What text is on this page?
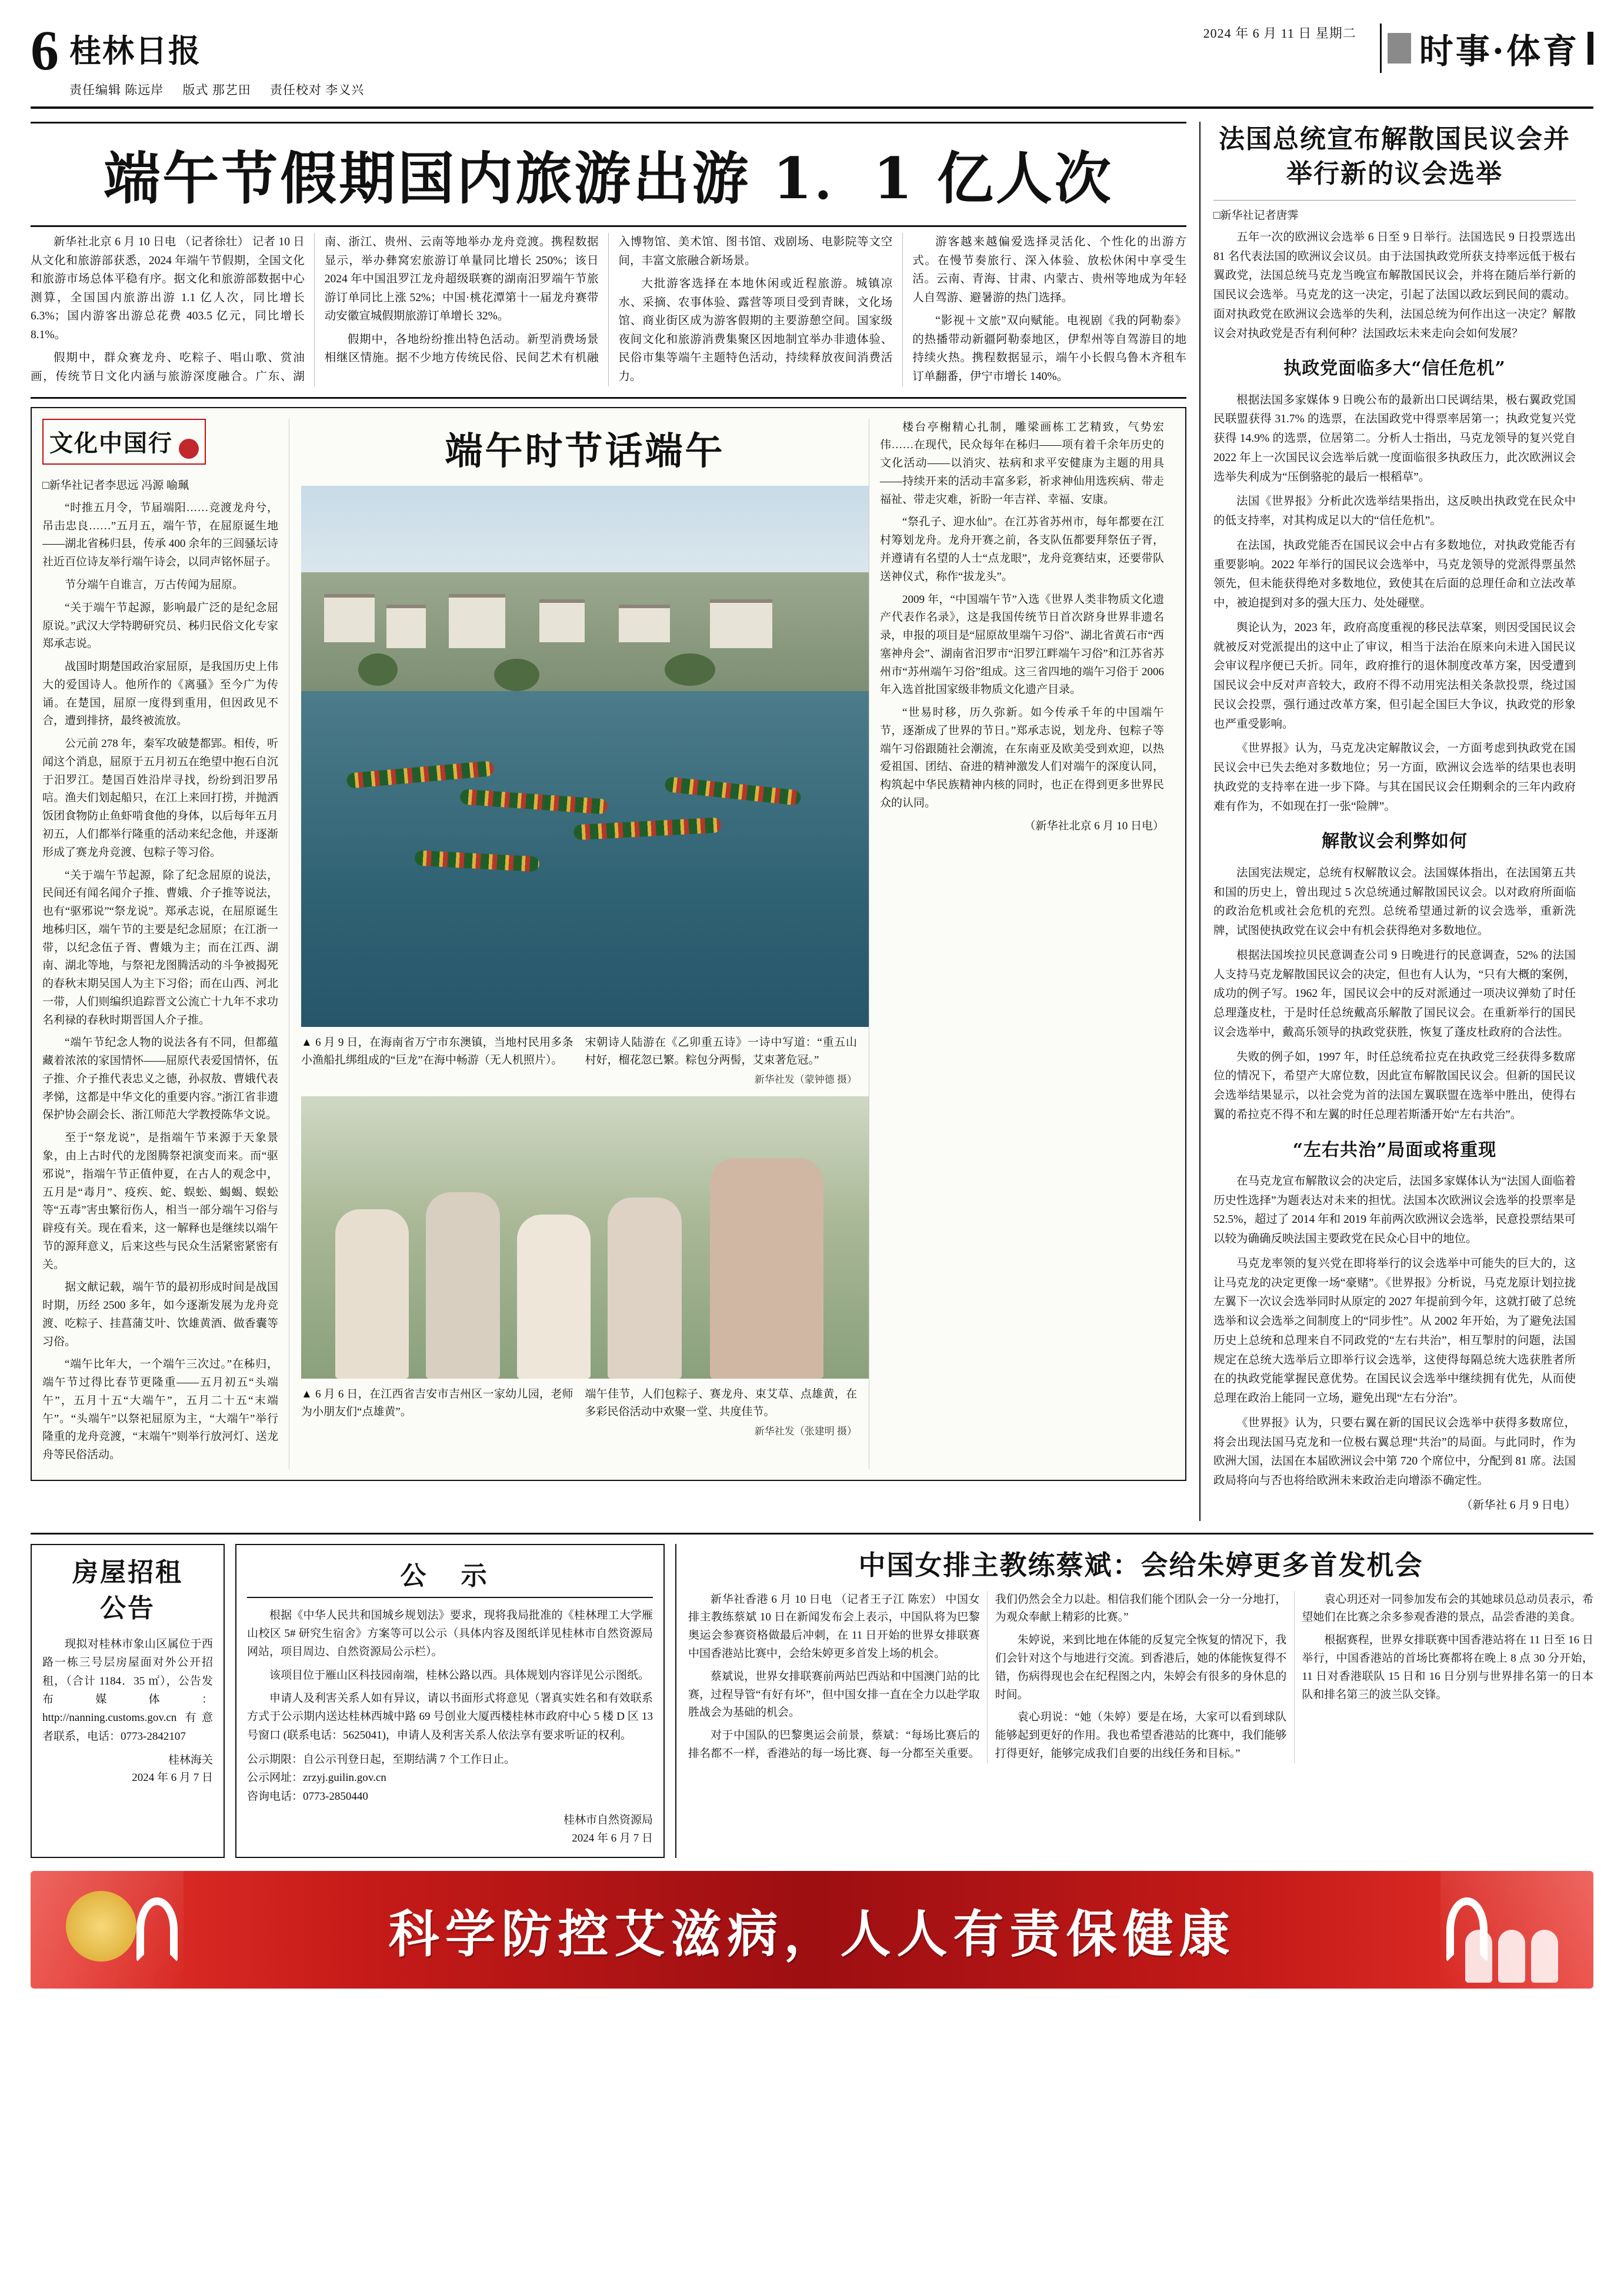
6 桂林日报
责任编辑 陈远岸 版式 那艺田 责任校对 李义兴
2024 年 6 月 11 日 星期二 时事·体育
端午节假期国内旅游出游 1．1 亿人次

新华社北京 6 月 10 日电 （记者徐壮） 记者 10 日从文化和旅游部获悉，2024 年端午节假期，全国文化和旅游市场总体平稳有序。据文化和旅游部数据中心测算，全国国内旅游出游 1.1 亿人次，同比增长 6.3%；国内游客出游总花费 403.5 亿元，同比增长 8.1%。

假期中，群众赛龙舟、吃粽子、唱山歌、赏油画，传统节日文化内涵与旅游深度融合。广东、湖南、浙江、贵州、云南等地举办龙舟竞渡。携程数据显示，举办彝窝宏旅游订单量同比增长 250%；该日 2024 年中国沮罗江龙舟超级联赛的湖南汨罗端午节旅游订单同比上涨 52%；中国·桃花潭第十一届龙舟赛带动安徽宣城假期旅游订单增长 32%。

假期中，各地纷纷推出特色活动。新型消费场景相继区情施。据不少地方传统民俗、民间艺术有机融入博物馆、美术馆、图书馆、戏剧场、电影院等文空间，丰富文旅融合新场景。

大批游客选择在本地休闲或近程旅游。城镇凉水、采摘、农事体验、露营等项目受到青睐，文化场馆、商业街区成为游客假期的主要游憩空间。国家级夜间文化和旅游消费集聚区因地制宜举办非遗体验、民俗市集等端午主题特色活动，持续释放夜间消费活力。

游客越来越偏爱选择灵活化、个性化的出游方式。在慢节奏旅行、深入体验、放松休闲中享受生活。云南、青海、甘肃、内蒙古、贵州等地成为年轻人自驾游、避暑游的热门选择。

“影视＋文旅”双向赋能。电视剧《我的阿勒泰》的热播带动新疆阿勒泰地区，伊犁州等自驾游目的地持续火热。携程数据显示，端午小长假乌鲁木齐租车订单翻番，伊宁市增长 140%。

文化中国行
□新华社记者李思远 冯源 喻珮

“时推五月令，节届端阳……竞渡龙舟兮，吊击忠良……”五月五，端午节，在屈原诞生地——湖北省秭归县，传承 400 余年的三闾骚坛诗社近百位诗友举行端午诗会，以同声铭怀屈子。

节分端午自谁言，万古传闻为屈原。

“关于端午节起源，影响最广泛的是纪念屈原说。”武汉大学特聘研究员、秭归民俗文化专家郑承志说。

战国时期楚国政治家屈原，是我国历史上伟大的爱国诗人。他所作的《离骚》至今广为传诵。在楚国，屈原一度得到重用，但因政见不合，遭到排挤，最终被流放。

公元前 278 年，秦军攻破楚都郢。相传，听闻这个消息，屈原于五月初五在绝望中抱石自沉于汨罗江。楚国百姓沿岸寻找，纷纷到汨罗吊唁。渔夫们划起船只，在江上来回打捞，并抛洒饭团食物防止鱼虾啃食他的身体，以后每年五月初五，人们都举行隆重的活动来纪念他，并逐渐形成了赛龙舟竞渡、包粽子等习俗。

“关于端午节起源，除了纪念屈原的说法，民间还有闻名闻介子推、曹娥、介子推等说法，也有“驱邪说”“祭龙说”。郑承志说，在屈原诞生地秭归区，端午节的主要是纪念屈原；在江浙一带，以纪念伍子胥、曹娥为主；而在江西、湖南、湖北等地，与祭祀龙图腾活动的斗争被揭死的春秋末期吴国人为主下习俗；而在山西、河北一带，人们则编织追踪晋文公流亡十九年不求功名利禄的春秋时期晋国人介子推。

“端午节纪念人物的说法各有不同，但都蕴藏着浓浓的家国情怀——屈原代表爱国情怀，伍子推、介子推代表忠义之德，孙叔敖、曹娥代表孝悌，这都是中华文化的重要内容。”浙江省非遗保护协会副会长、浙江师范大学教授陈华文说。

至于“祭龙说”，是指端午节来源于天象景象，由上古时代的龙图腾祭祀演变而来。而“驱邪说”，指端午节正值仲夏，在古人的观念中，五月是“毒月”、疫疾、蛇、蜈蚣、蝎蝎、蜈蚣等“五毒”害虫繁衍伤人，相当一部分端午习俗与辟疫有关。现在看来，这一解释也是继续以端午节的源拜意义，后来这些与民众生活紧密紧密有关。

据文献记载，端午节的最初形成时间是战国时期，历经 2500 多年，如今逐渐发展为龙舟竞渡、吃粽子、挂菖蒲艾叶、饮雄黄酒、做香囊等习俗。

“端午比年大，一个端午三次过。”在秭归，端午节过得比春节更隆重——五月初五“头端午”，五月十五“大端午”，五月二十五“末端午”。“头端午”以祭祀屈原为主，“大端午”举行隆重的龙舟竞渡，“末端午”则举行放河灯、送龙舟等民俗活动。

端午时节话端午
▲ 6 月 9 日，在海南省万宁市东澳镇，当地村民用多条小渔船扎绑组成的“巨龙”在海中畅游（无人机照片）。
宋朝诗人陆游在《乙卯重五诗》一诗中写道：“重五山村好，榴花忽已繁。粽包分两髻，艾束著危冠。”
新华社发（蒙钟德 摄）
▲ 6 月 6 日，在江西省吉安市吉州区一家幼儿园，老师为小朋友们“点雄黄”。
端午佳节，人们包粽子、赛龙舟、束艾草、点雄黄，在多彩民俗活动中欢聚一堂、共度佳节。
新华社发（张建明 摄）

楼台亭榭精心扎制，雕梁画栋工艺精致，气势宏伟……在现代，民众每年在秭归——项有着千余年历史的文化活动——以消灾、祛病和求平安健康为主题的用具——持续开来的活动丰富多彩，祈求神仙用选疾病、带走福祉、带走灾难，祈盼一年吉祥、幸福、安康。

“祭孔子、迎水仙”。在江苏省苏州市，每年都要在江村筹划龙舟。龙舟开赛之前，各支队伍都要拜祭伍子胥，并遵请有名望的人士“点龙眼”，龙舟竞赛结束，还要带队送神仪式，称作“拔龙头”。

2009 年，“中国端午节”入选《世界人类非物质文化遗产代表作名录》，这是我国传统节日首次跻身世界非遗名录，申报的项目是“屈原故里端午习俗”、湖北省黄石市“西塞神舟会”、湖南省汨罗市“汨罗江畔端午习俗”和江苏省苏州市“苏州端午习俗”组成。这三省四地的端午习俗于 2006 年入选首批国家级非物质文化遗产目录。

“世易时移，历久弥新。如今传承千年的中国端午节，逐渐成了世界的节日。”郑承志说，划龙舟、包粽子等端午习俗跟随社会潮流，在东南亚及欧美受到欢迎，以热爱祖国、团结、奋进的精神激发人们对端午的深度认同，构筑起中华民族精神内核的同时，也正在得到更多世界民众的认同。

（新华社北京 6 月 10 日电）

法国总统宣布解散国民议会并举行新的议会选举
□新华社记者唐霁

五年一次的欧洲议会选举 6 日至 9 日举行。法国选民 9 日投票选出 81 名代表法国的欧洲议会议员。由于法国执政党所获支持率远低于极右翼政党，法国总统马克龙当晚宣布解散国民议会，并将在随后举行新的国民议会选举。马克龙的这一决定，引起了法国以政坛到民间的震动。面对执政党在欧洲议会选举的失利，法国总统为何作出这一决定？解散议会对执政党是否有利何种？法国政坛未来走向会如何发展？

执政党面临多大“信任危机”

根据法国多家媒体 9 日晚公布的最新出口民调结果，极右翼政党国民联盟获得 31.7% 的选票，在法国政党中得票率居第一；执政党复兴党获得 14.9% 的选票，位居第二。分析人士指出，马克龙领导的复兴党自 2022 年上一次国民议会选举后就一度面临很多执政压力，此次欧洲议会选举失利成为“压倒骆驼的最后一根稻草”。

法国《世界报》分析此次选举结果指出，这反映出执政党在民众中的低支持率，对其构成足以大的“信任危机”。

在法国，执政党能否在国民议会中占有多数地位，对执政党能否有重要影响。2022 年举行的国民议会选举中，马克龙领导的党派得票虽然领先，但未能获得绝对多数地位，致使其在后面的总理任命和立法改革中，被迫提到对多的强大压力、处处碰壁。

舆论认为，2023 年，政府高度重视的移民法草案，则因受国民议会就被反对党派提出的这中止了审议，相当于法治在原来向未进入国民议会审议程序便已夭折。同年，政府推行的退休制度改革方案，因受遭到国民议会中反对声音较大，政府不得不动用宪法相关条款投票，绕过国民议会投票，强行通过改革方案，但引起全国巨大争议，执政党的形象也严重受影响。

《世界报》认为，马克龙决定解散议会，一方面考虑到执政党在国民议会中已失去绝对多数地位；另一方面，欧洲议会选举的结果也表明执政党的支持率在进一步下降。与其在国民议会任期剩余的三年内政府难有作为，不如现在打一张“险牌”。

解散议会利弊如何

法国宪法规定，总统有权解散议会。法国媒体指出，在法国第五共和国的历史上，曾出现过 5 次总统通过解散国民议会。以对政府所面临的政治危机或社会危机的充烈。总统希望通过新的议会选举，重新洗牌，试图使执政党在议会中有机会获得绝对多数地位。

根据法国埃拉贝民意调查公司 9 日晚进行的民意调查，52% 的法国人支持马克龙解散国民议会的决定，但也有人认为，“只有大概的案例，成功的例子写。1962 年，国民议会中的反对派通过一项决议弹劾了时任总理蓬皮杜，于是时任总统戴高乐解散了国民议会。在重新举行的国民议会选举中，戴高乐领导的执政党获胜，恢复了蓬皮杜政府的合法性。

失败的例子如，1997 年，时任总统希拉克在执政党三经获得多数席位的情况下，希望产大席位数，因此宣布解散国民议会。但新的国民议会选举结果显示，以社会党为首的法国左翼联盟在选举中胜出，使得右翼的希拉克不得不和左翼的时任总理若斯潘开始“左右共治”。

“左右共治”局面或将重现

在马克龙宣布解散议会的决定后，法国多家媒体认为“法国人面临着历史性选择”为题表达对未来的担忧。法国本次欧洲议会选举的投票率是 52.5%，超过了 2014 年和 2019 年前两次欧洲议会选举，民意投票结果可以较为确确反映法国主要政党在民众心目中的地位。

马克龙率领的复兴党在即将举行的议会选举中可能失的巨大的，这让马克龙的决定更像一场“豪赌”。《世界报》分析说，马克龙原计划拉拢左翼下一次议会选举同时从原定的 2027 年提前到今年，这就打破了总统选举和议会选举之间制度上的“同步性”。从 2002 年开始，为了避免法国历史上总统和总理来自不同政党的“左右共治”，相互掣肘的问题，法国规定在总统大选举后立即举行议会选举，这使得每隔总统大选获胜者所在的执政党能掌握民意优势。在国民议会选举中继续拥有优先，从而使总理在政治上能同一立场，避免出现“左右分治”。

《世界报》认为，只要右翼在新的国民议会选举中获得多数席位，将会出现法国马克龙和一位极右翼总理“共治”的局面。与此同时，作为欧洲大国，法国在本届欧洲议会中第 720 个席位中，分配到 81 席。法国政局将向与否也将给欧洲未来政治走向增添不确定性。

（新华社 6 月 9 日电）

房屋招租
公告

现拟对桂林市象山区属位于西路一栋三号层房屋面对外公开招租，（合计 1184．35 ㎡），公告发布媒体：http://nanning.customs.gov.cn 有意者联系，电话：0773-2842107

桂林海关
2024 年 6 月 7 日
公 示

根据《中华人民共和国城乡规划法》要求，现将我局批准的《桂林理工大学雁山校区 5# 研究生宿舍》方案等可以公示（具体内容及图纸详见桂林市自然资源局网站，项目周边、自然资源局公示栏）。

该项目位于雁山区科技园南端，桂林公路以西。具体规划内容详见公示图纸。

申请人及利害关系人如有异议，请以书面形式将意见（署真实姓名和有效联系方式于公示期内送达桂林西城中路 69 号创业大厦西楼桂林市政府中心 5 楼 D 区 13 号窗口 (联系电话：5625041)，申请人及利害关系人依法享有要求听证的权利。

公示期限：自公示刊登日起，至期结满 7 个工作日止。
公示网址：zrzyj.guilin.gov.cn
咨询电话：0773-2850440
桂林市自然资源局
2024 年 6 月 7 日
中国女排主教练蔡斌：会给朱婷更多首发机会

新华社香港 6 月 10 日电 （记者王子江 陈宏） 中国女排主教练蔡斌 10 日在新闻发布会上表示，中国队将为巴黎奥运会参赛资格做最后冲刺，在 11 日开始的世界女排联赛中国香港站比赛中，会给朱婷更多首发上场的机会。

蔡斌说，世界女排联赛前两站巴西站和中国澳门站的比赛，过程导管“有好有坏”，但中国女排一直在全力以赴学取胜战会为基础的机会。

对于中国队的巴黎奥运会前景，蔡斌：“每场比赛后的排名都不一样，香港站的每一场比赛、每一分都至关重要。我们仍然会全力以赴。相信我们能个团队会一分一分地打，为观众奉献上精彩的比赛。”

朱婷说，来到比地在体能的反复完全恢复的情况下，我们会针对这个与地进行交流。到香港后，她的体能恢复得不错，伤病得现也会在纪程图之内，朱婷会有很多的身休息的时间。

袁心玥说：“她（朱婷）要是在场，大家可以看到球队能够起到更好的作用。我也希望香港站的比赛中，我们能够打得更好，能够完成我们自要的出线任务和目标。”

袁心玥还对一同参加发布会的其她球员总动员表示，希望她们在比赛之余多参观香港的景点，品尝香港的美食。

根据赛程，世界女排联赛中国香港站将在 11 日至 16 日举行，中国香港站的首场比赛都将在晚上 8 点 30 分开始，11 日对香港联队 15 日和 16 日分别与世界排名第一的日本队和排名第三的波兰队交锋。

科学防控艾滋病，人人有责保健康
